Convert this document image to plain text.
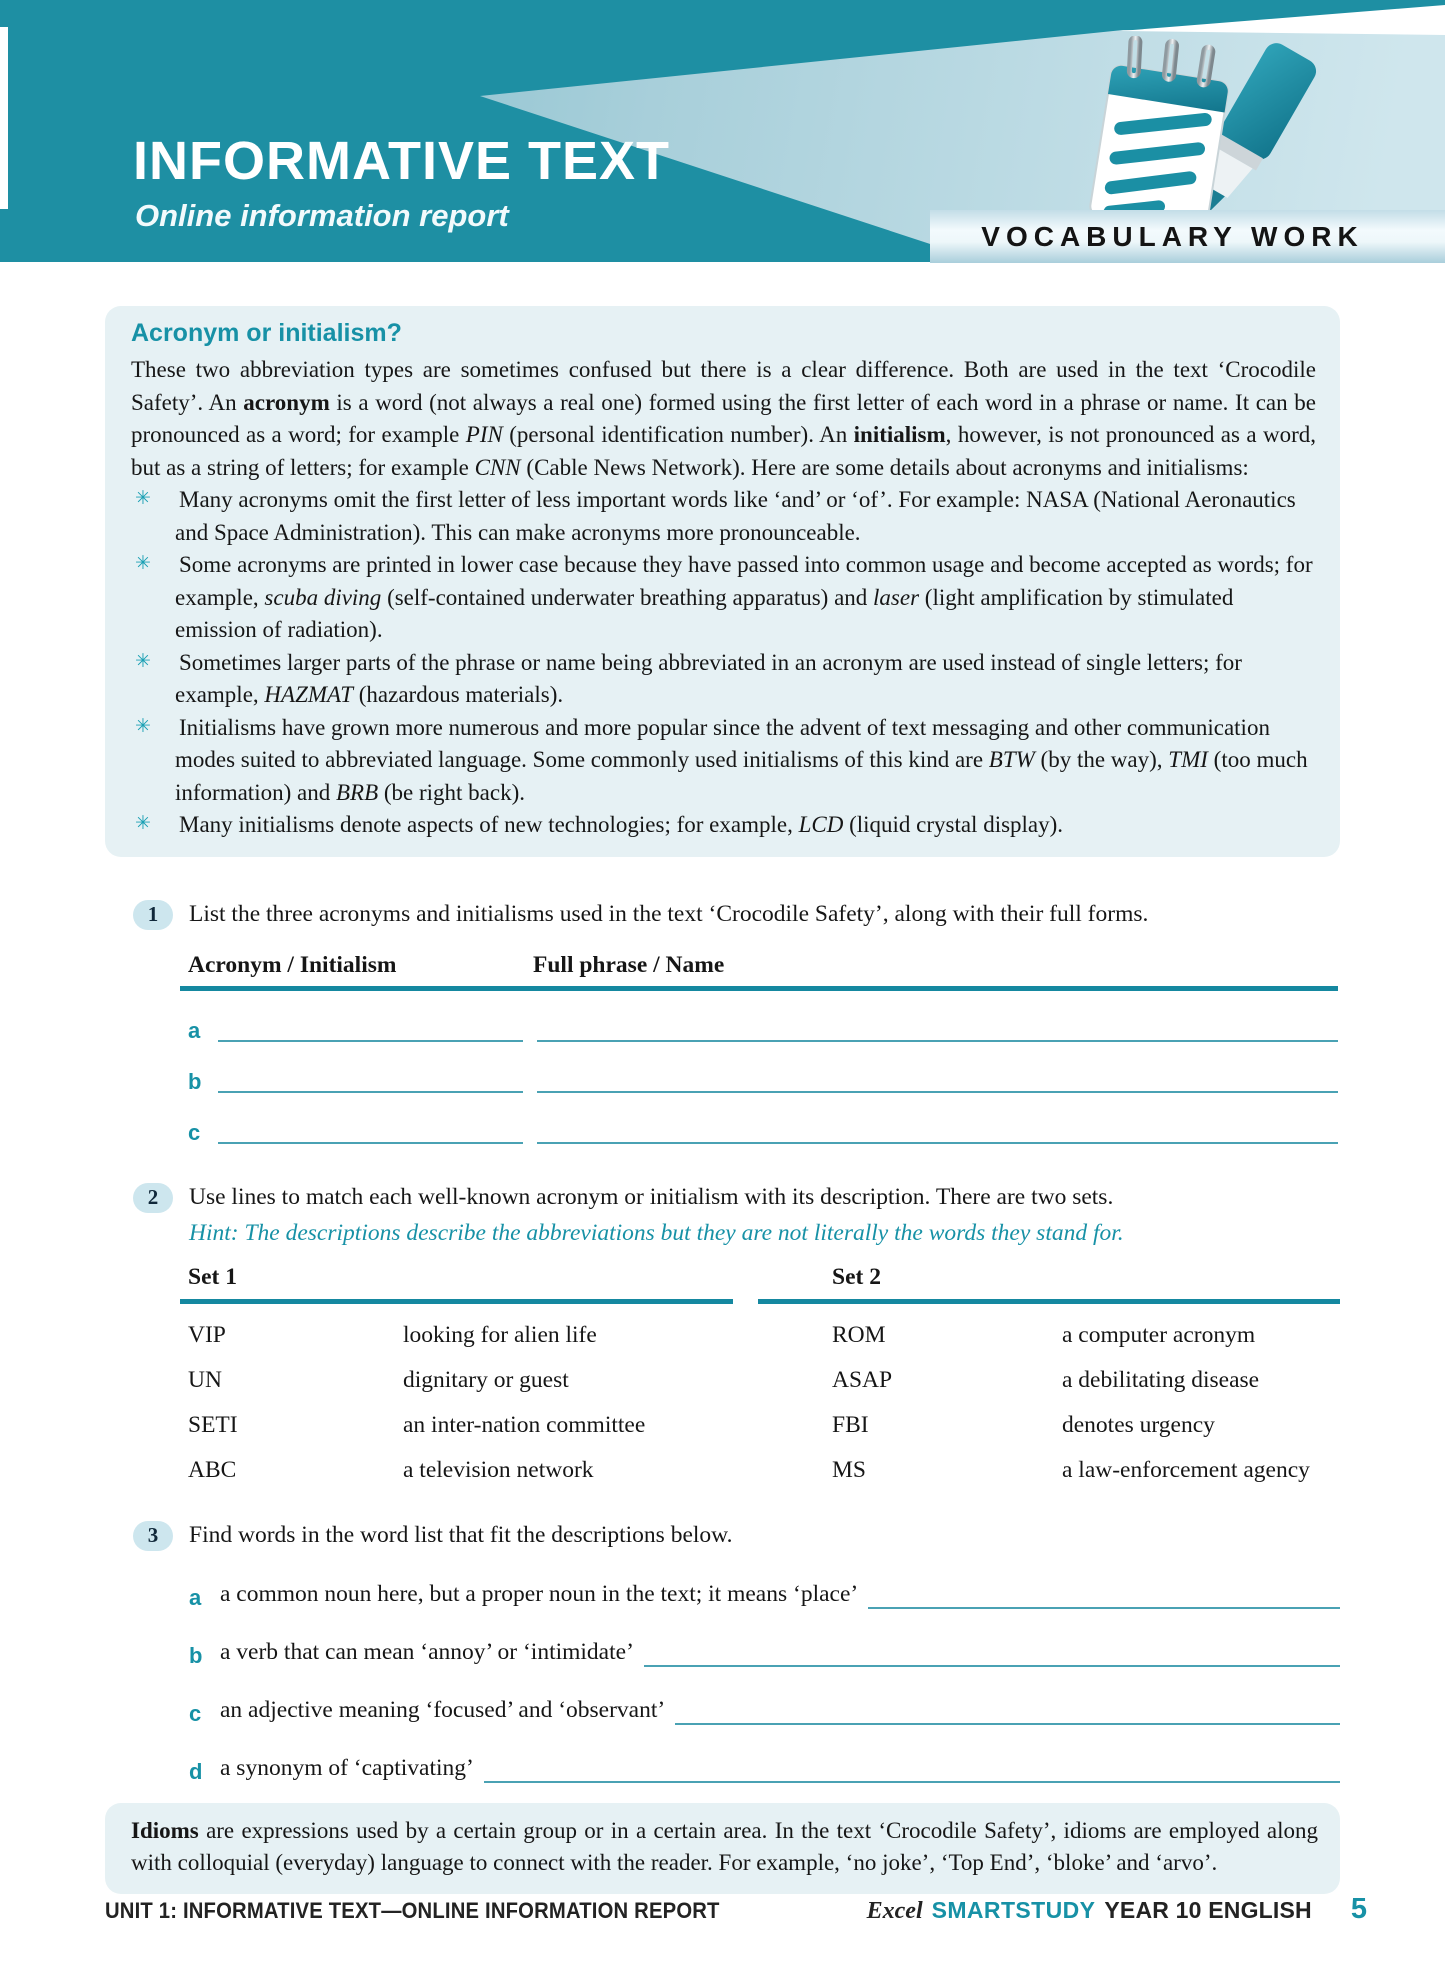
INFORMATIVE TEXT
Online information report
VOCABULARY WORK
Acronym or initialism?

These two abbreviation types are sometimes confused but there is a clear difference. Both are used in the text ‘Crocodile Safety’. An acronym is a word (not always a real one) formed using the first letter of each word in a phrase or name. It can be pronounced as a word; for example PIN (personal identification number). An initialism, however, is not pronounced as a word, but as a string of letters; for example CNN (Cable News Network). Here are some details about acronyms and initialisms:

✳ Many acronyms omit the first letter of less important words like ‘and’ or ‘of’. For example: NASA (National Aeronautics and Space Administration). This can make acronyms more pronounceable.
✳ Some acronyms are printed in lower case because they have passed into common usage and become accepted as words; for example, scuba diving (self-contained underwater breathing apparatus) and laser (light amplification by stimulated emission of radiation).
✳ Sometimes larger parts of the phrase or name being abbreviated in an acronym are used instead of single letters; for example, HAZMAT (hazardous materials).
✳ Initialisms have grown more numerous and more popular since the advent of text messaging and other communication modes suited to abbreviated language. Some commonly used initialisms of this kind are BTW (by the way), TMI (too much information) and BRB (be right back).
✳ Many initialisms denote aspects of new technologies; for example, LCD (liquid crystal display).
1	List the three acronyms and initialisms used in the text ‘Crocodile Safety’, along with their full forms.
Acronym / Initialism	Full phrase / Name
a
b
c
2	Use lines to match each well-known acronym or initialism with its description. There are two sets.
Hint: The descriptions describe the abbreviations but they are not literally the words they stand for.
Set 1
VIP	looking for alien life
UN	dignitary or guest
SETI	an inter-nation committee
ABC	a television network
Set 2
ROM	a computer acronym
ASAP	a debilitating disease
FBI	denotes urgency
MS	a law-enforcement agency
3	Find words in the word list that fit the descriptions below.
a a common noun here, but a proper noun in the text; it means ‘place’
b a verb that can mean ‘annoy’ or ‘intimidate’
c an adjective meaning ‘focused’ and ‘observant’
d a synonym of ‘captivating’

Idioms are expressions used by a certain group or in a certain area. In the text ‘Crocodile Safety’, idioms are employed along with colloquial (everyday) language to connect with the reader. For example, ‘no joke’, ‘Top End’, ‘bloke’ and ‘arvo’.

UNIT 1: INFORMATIVE TEXT—ONLINE INFORMATION REPORT	Excel SMARTSTUDY YEAR 10 ENGLISH 5
